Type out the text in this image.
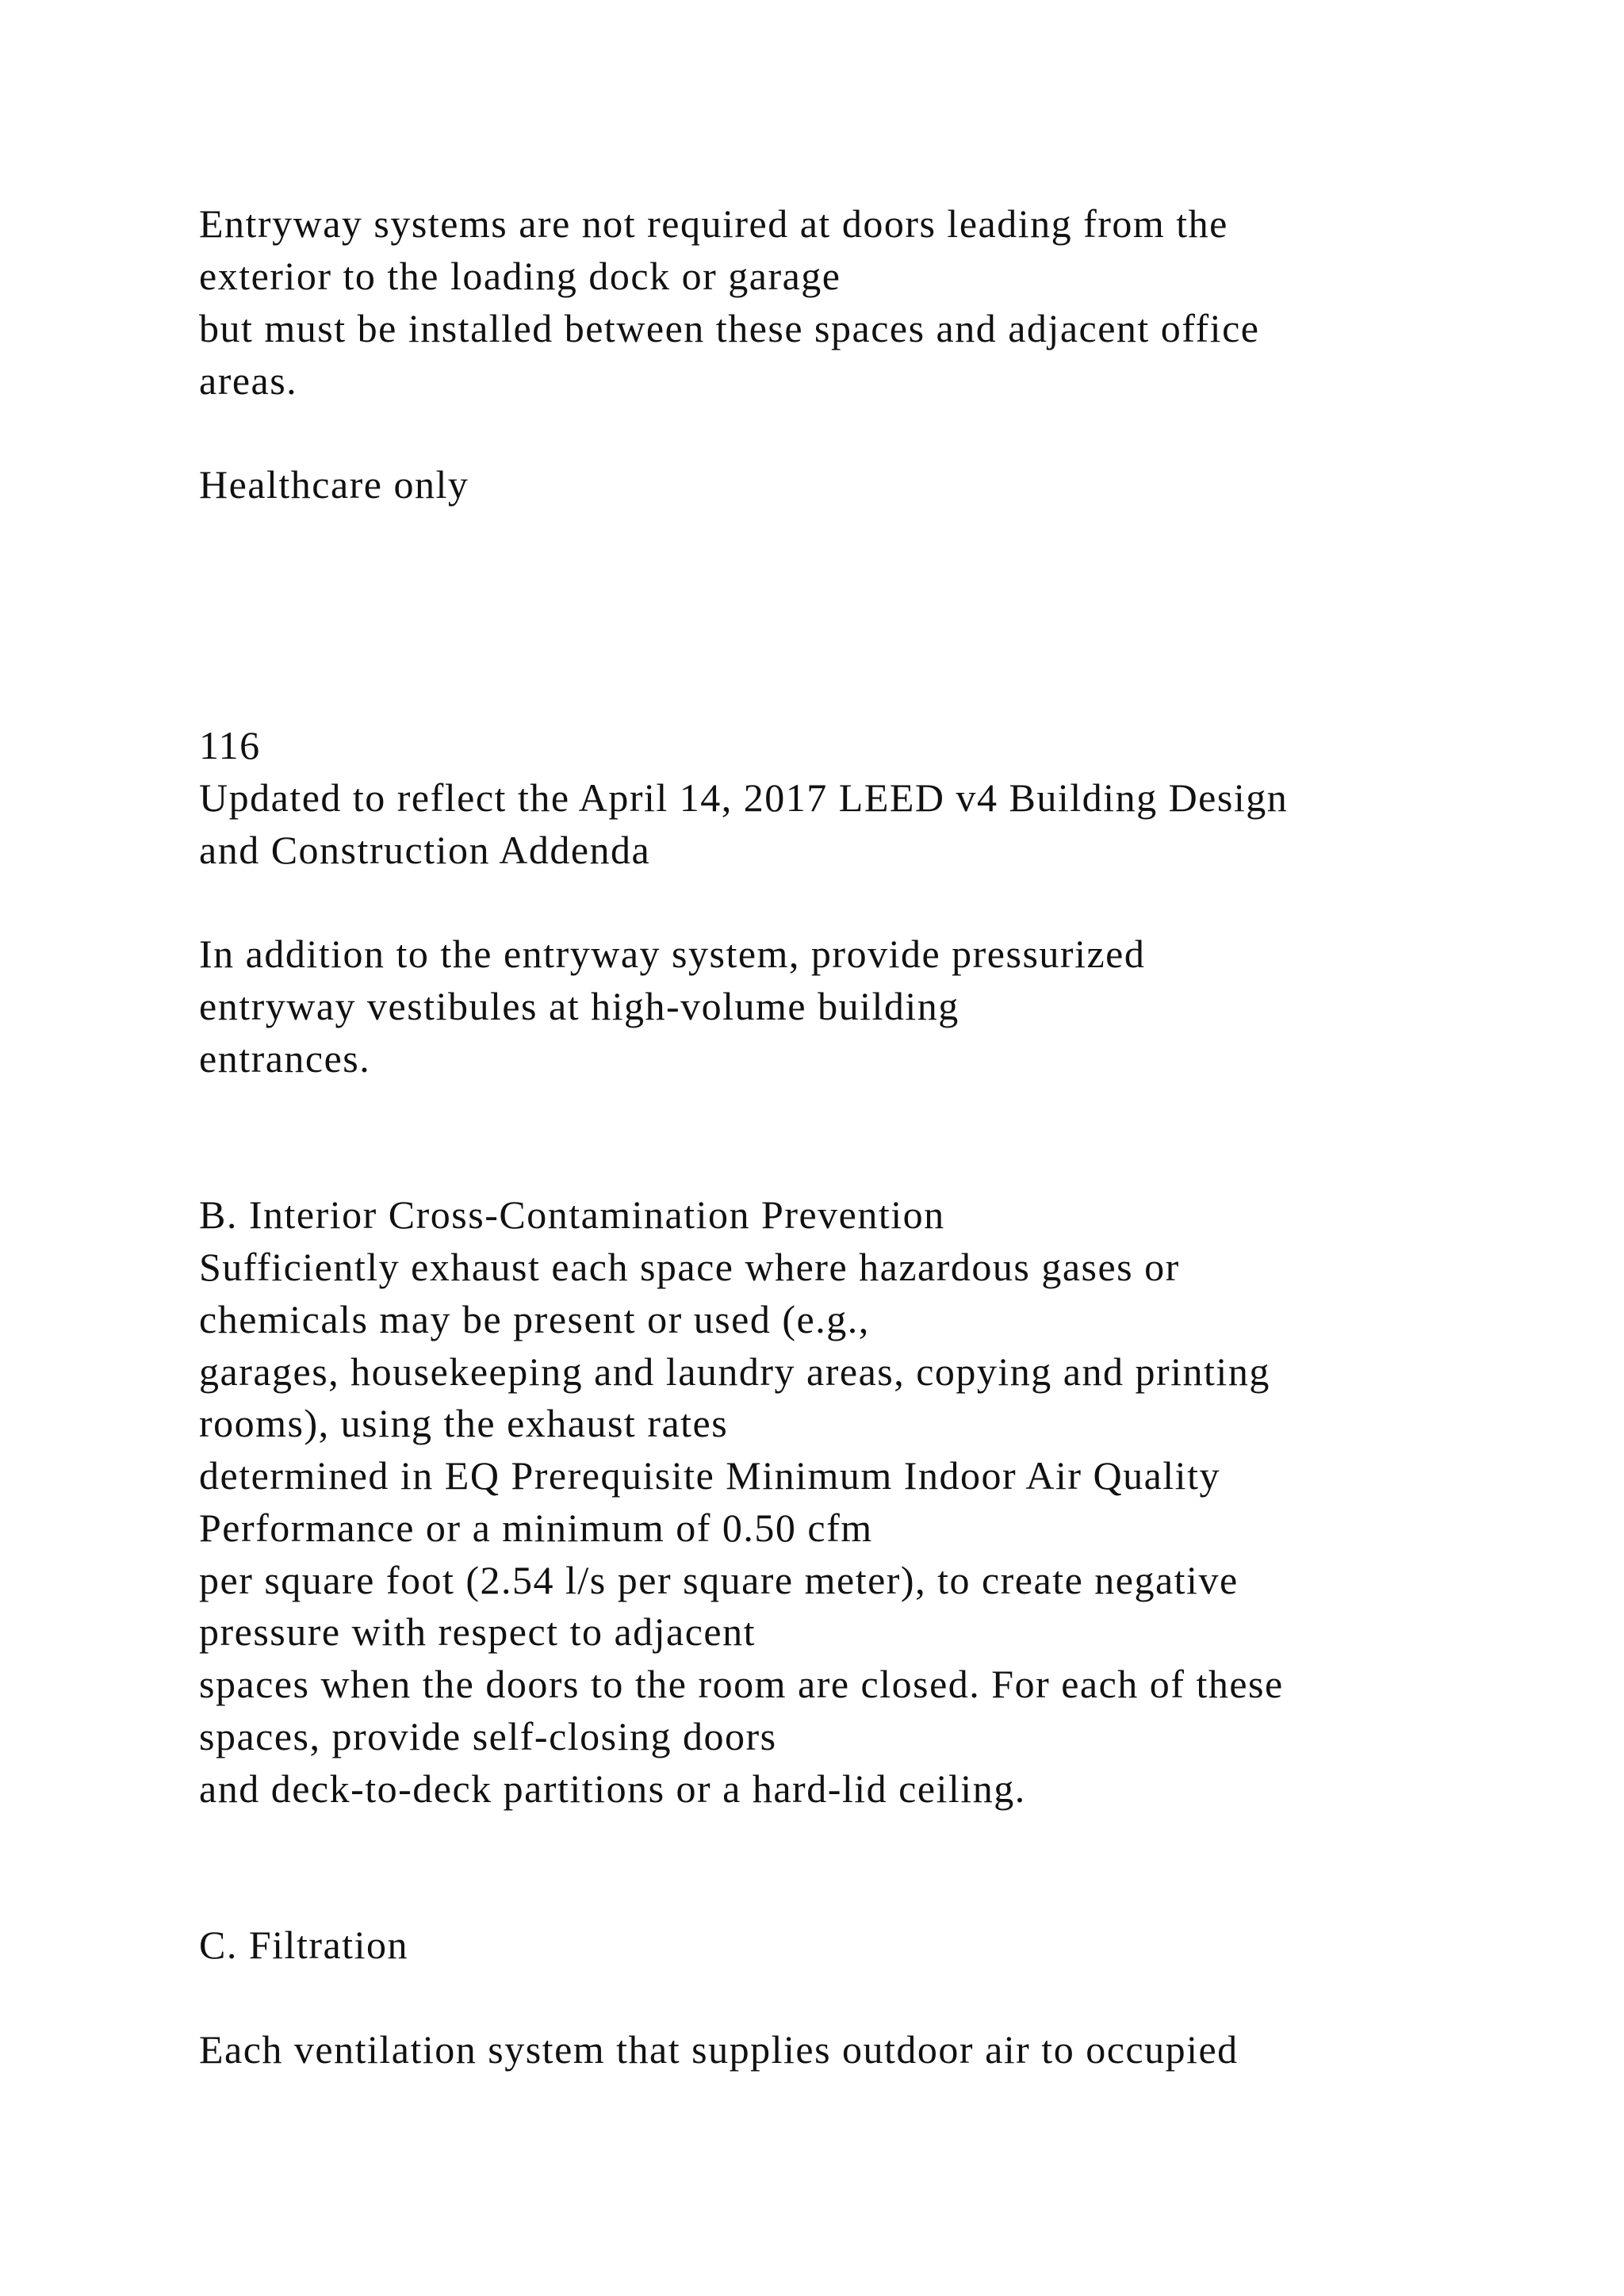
Entryway systems are not required at doors leading from the

exterior to the loading dock or garage

but must be installed between these spaces and adjacent office

areas.

Healthcare only

116

Updated to reflect the April 14, 2017 LEED v4 Building Design

and Construction Addenda

In addition to the entryway system, provide pressurized

entryway vestibules at high-volume building

entrances.

B. Interior Cross-Contamination Prevention

Sufficiently exhaust each space where hazardous gases or

chemicals may be present or used (e.g.,

garages, housekeeping and laundry areas, copying and printing

rooms), using the exhaust rates

determined in EQ Prerequisite Minimum Indoor Air Quality

Performance or a minimum of 0.50 cfm

per square foot (2.54 l/s per square meter), to create negative

pressure with respect to adjacent

spaces when the doors to the room are closed. For each of these

spaces, provide self-closing doors

and deck-to-deck partitions or a hard-lid ceiling.

C. Filtration

Each ventilation system that supplies outdoor air to occupied
